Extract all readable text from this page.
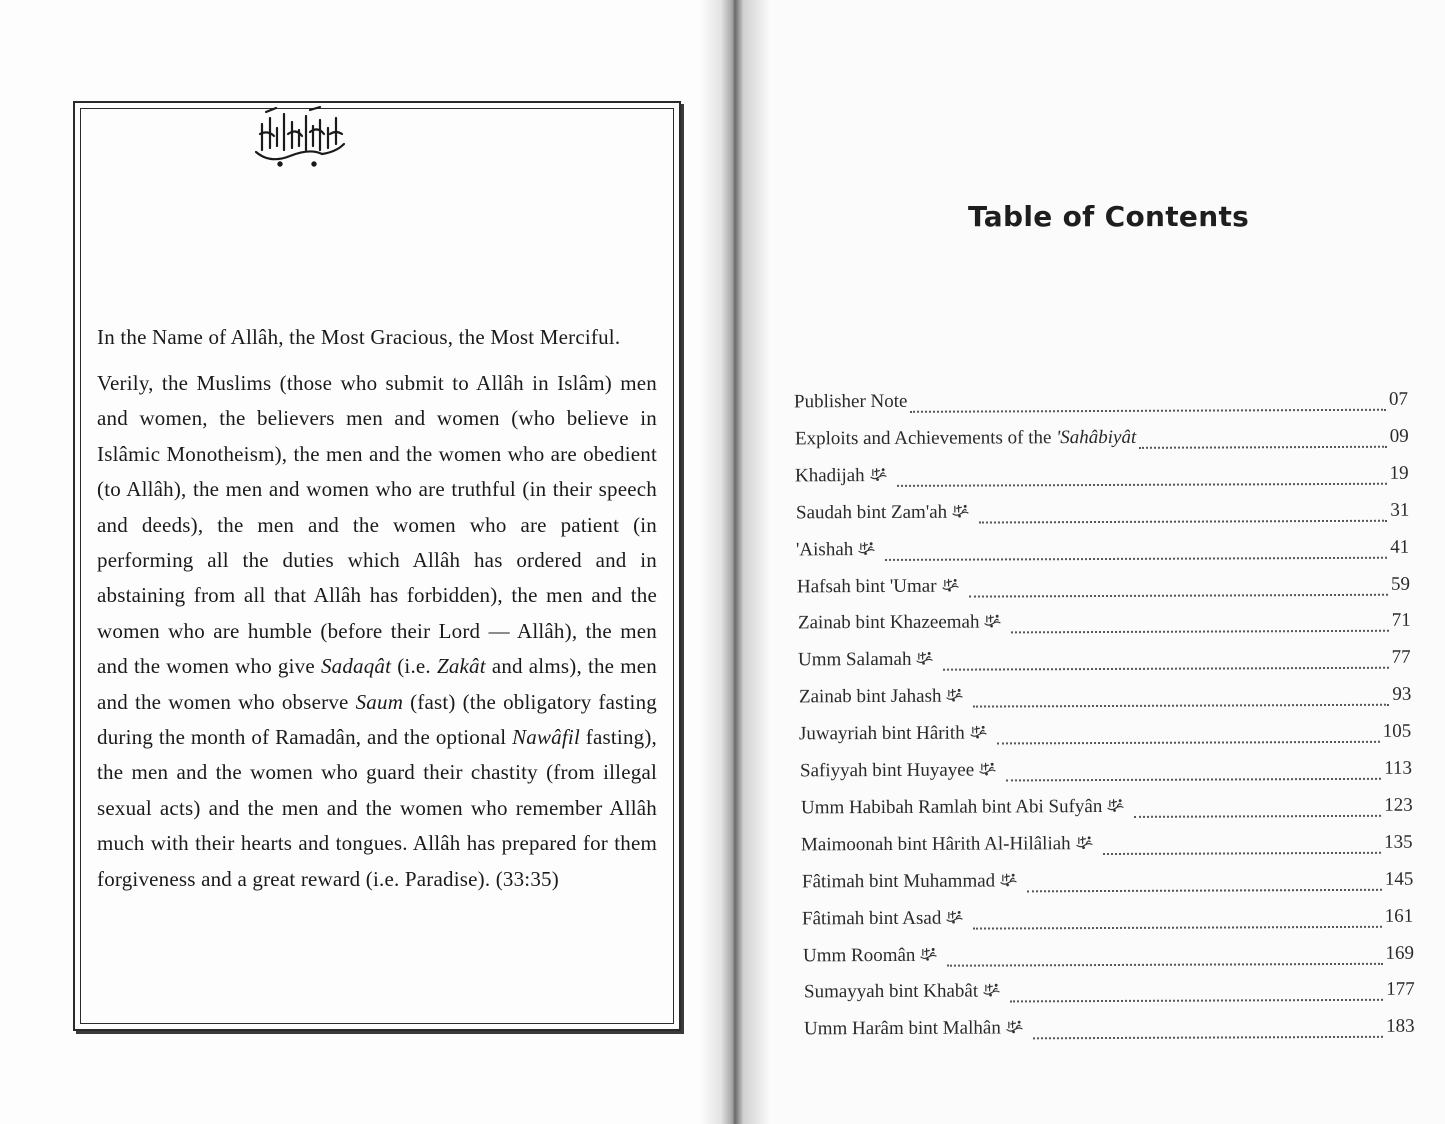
In the Name of Allâh, the Most Gracious, the Most Merciful.

Verily, the Muslims (those who submit to Allâh in Islâm) men and women, the believers men and women (who believe in Islâmic Monotheism), the men and the women who are obedient (to Allâh), the men and women who are truthful (in their speech and deeds), the men and the women who are patient (in performing all the duties which Allâh has ordered and in abstaining from all that Allâh has forbidden), the men and the women who are humble (before their Lord — Allâh), the men and the women who give Sadaqât (i.e. Zakât and alms), the men and the women who observe Saum (fast) (the obligatory fasting during the month of Ramadân, and the optional Nawâfil fasting), the men and the women who guard their chastity (from illegal sexual acts) and the men and the women who remember Allâh much with their hearts and tongues. Allâh has prepared for them forgiveness and a great reward (i.e. Paradise). (33:35)

Table of Contents
Publisher Note	07
Exploits and Achievements of the 'Sahâbiyât	09
Khadijah	19
Saudah bint Zam'ah	31
'Aishah	41
Hafsah bint 'Umar	59
Zainab bint Khazeemah	71
Umm Salamah	77
Zainab bint Jahash	93
Juwayriah bint Hârith	105
Safiyyah bint Huyayee	113
Umm Habibah Ramlah bint Abi Sufyân	123
Maimoonah bint Hârith Al-Hilâliah	135
Fâtimah bint Muhammad	145
Fâtimah bint Asad	161
Umm Roomân	169
Sumayyah bint Khabât	177
Umm Harâm bint Malhân	183
